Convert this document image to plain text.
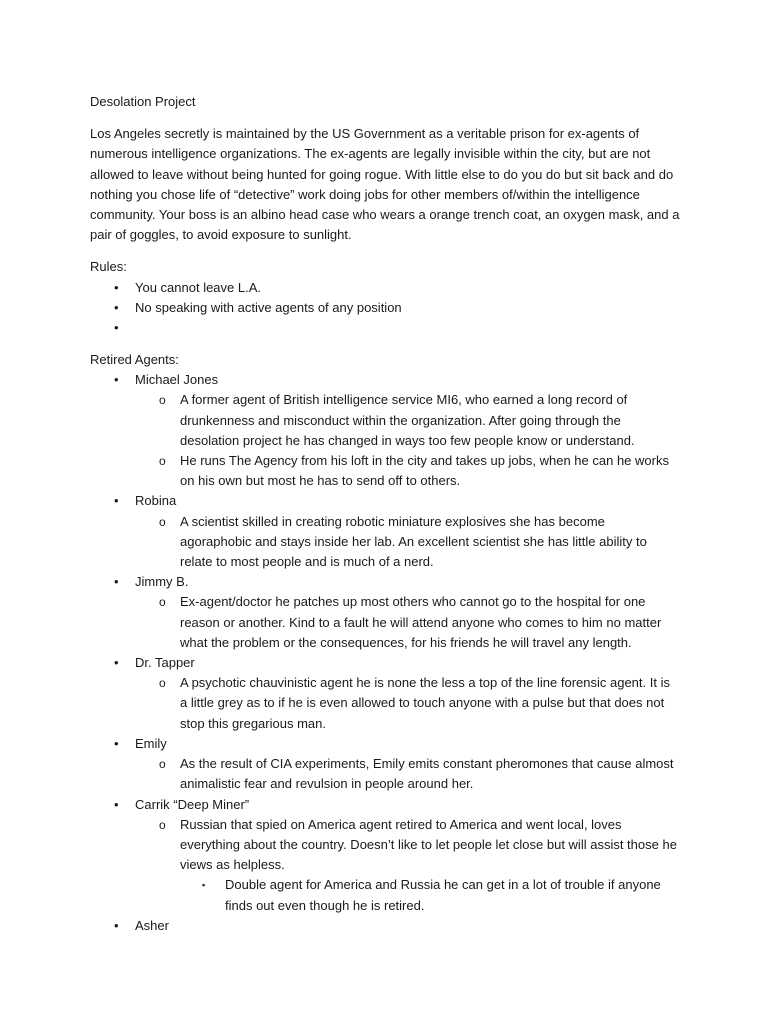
Desolation Project

Los Angeles secretly is maintained by the US Government as a veritable prison for ex-agents of numerous intelligence organizations. The ex-agents are legally invisible within the city, but are not allowed to leave without being hunted for going rogue. With little else to do you do but sit back and do nothing you chose life of “detective” work doing jobs for other members of/within the intelligence community. Your boss is an albino head case who wears a orange trench coat, an oxygen mask, and a pair of goggles, to avoid exposure to sunlight.

Rules:

• You cannot leave L.A.
• No speaking with active agents of any position
•

Retired Agents:

• Michael Jones
o A former agent of British intelligence service MI6, who earned a long record of drunkenness and misconduct within the organization. After going through the desolation project he has changed in ways too few people know or understand.
o He runs The Agency from his loft in the city and takes up jobs, when he can he works on his own but most he has to send off to others.
• Robina
o A scientist skilled in creating robotic miniature explosives she has become agoraphobic and stays inside her lab. An excellent scientist she has little ability to relate to most people and is much of a nerd.
• Jimmy B.
o Ex-agent/doctor he patches up most others who cannot go to the hospital for one reason or another. Kind to a fault he will attend anyone who comes to him no matter what the problem or the consequences, for his friends he will travel any length.
• Dr. Tapper
o A psychotic chauvinistic agent he is none the less a top of the line forensic agent. It is a little grey as to if he is even allowed to touch anyone with a pulse but that does not stop this gregarious man.
• Emily
o As the result of CIA experiments, Emily emits constant pheromones that cause almost animalistic fear and revulsion in people around her.
• Carrik “Deep Miner”
o Russian that spied on America agent retired to America and went local, loves everything about the country. Doesn’t like to let people let close but will assist those he views as helpless.
▪ Double agent for America and Russia he can get in a lot of trouble if anyone finds out even though he is retired.
• Asher
